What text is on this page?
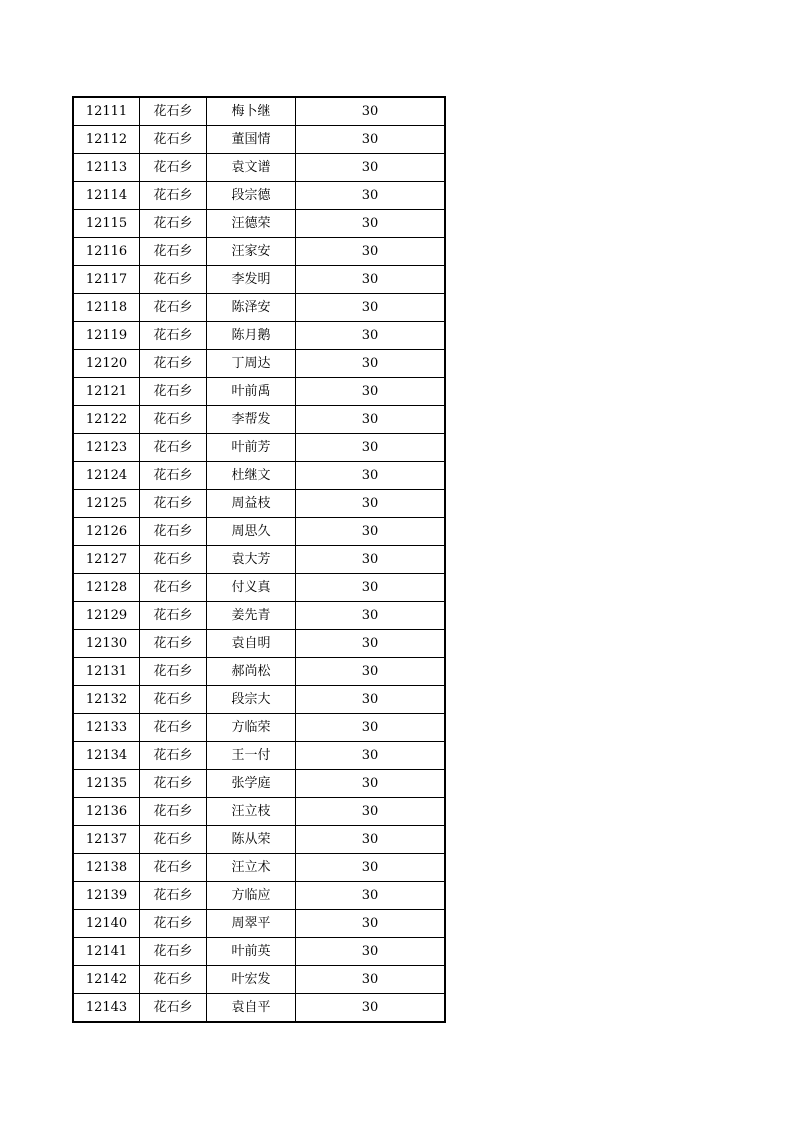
12111	花石乡	梅卜继	30
12112	花石乡	董国情	30
12113	花石乡	袁文谱	30
12114	花石乡	段宗德	30
12115	花石乡	汪德荣	30
12116	花石乡	汪家安	30
12117	花石乡	李发明	30
12118	花石乡	陈泽安	30
12119	花石乡	陈月鹅	30
12120	花石乡	丁周达	30
12121	花石乡	叶前禹	30
12122	花石乡	李帮发	30
12123	花石乡	叶前芳	30
12124	花石乡	杜继文	30
12125	花石乡	周益枝	30
12126	花石乡	周思久	30
12127	花石乡	袁大芳	30
12128	花石乡	付义真	30
12129	花石乡	姜先青	30
12130	花石乡	袁自明	30
12131	花石乡	郝尚松	30
12132	花石乡	段宗大	30
12133	花石乡	方临荣	30
12134	花石乡	王一付	30
12135	花石乡	张学庭	30
12136	花石乡	汪立枝	30
12137	花石乡	陈从荣	30
12138	花石乡	汪立术	30
12139	花石乡	方临应	30
12140	花石乡	周翠平	30
12141	花石乡	叶前英	30
12142	花石乡	叶宏发	30
12143	花石乡	袁自平	30
